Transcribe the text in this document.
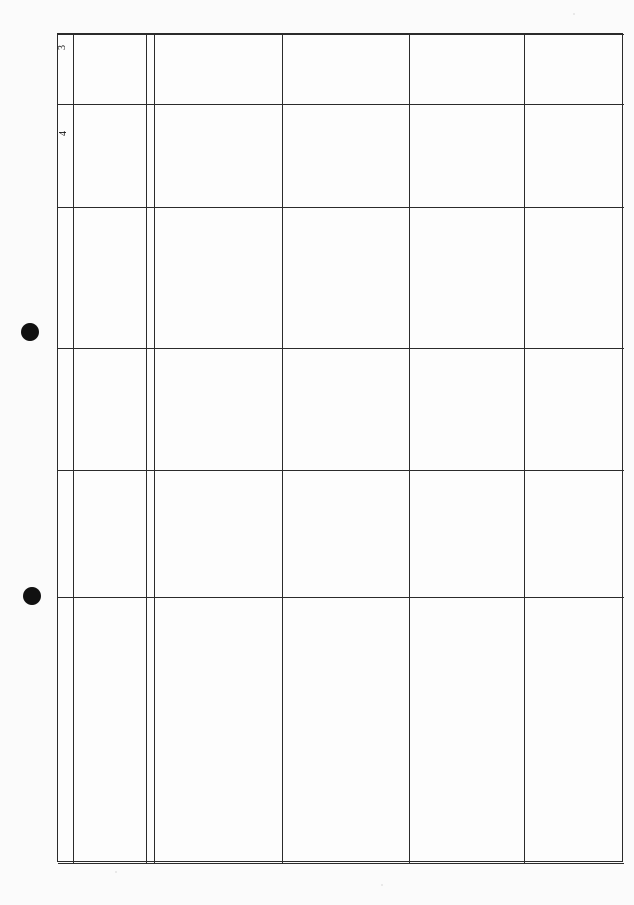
3
4
